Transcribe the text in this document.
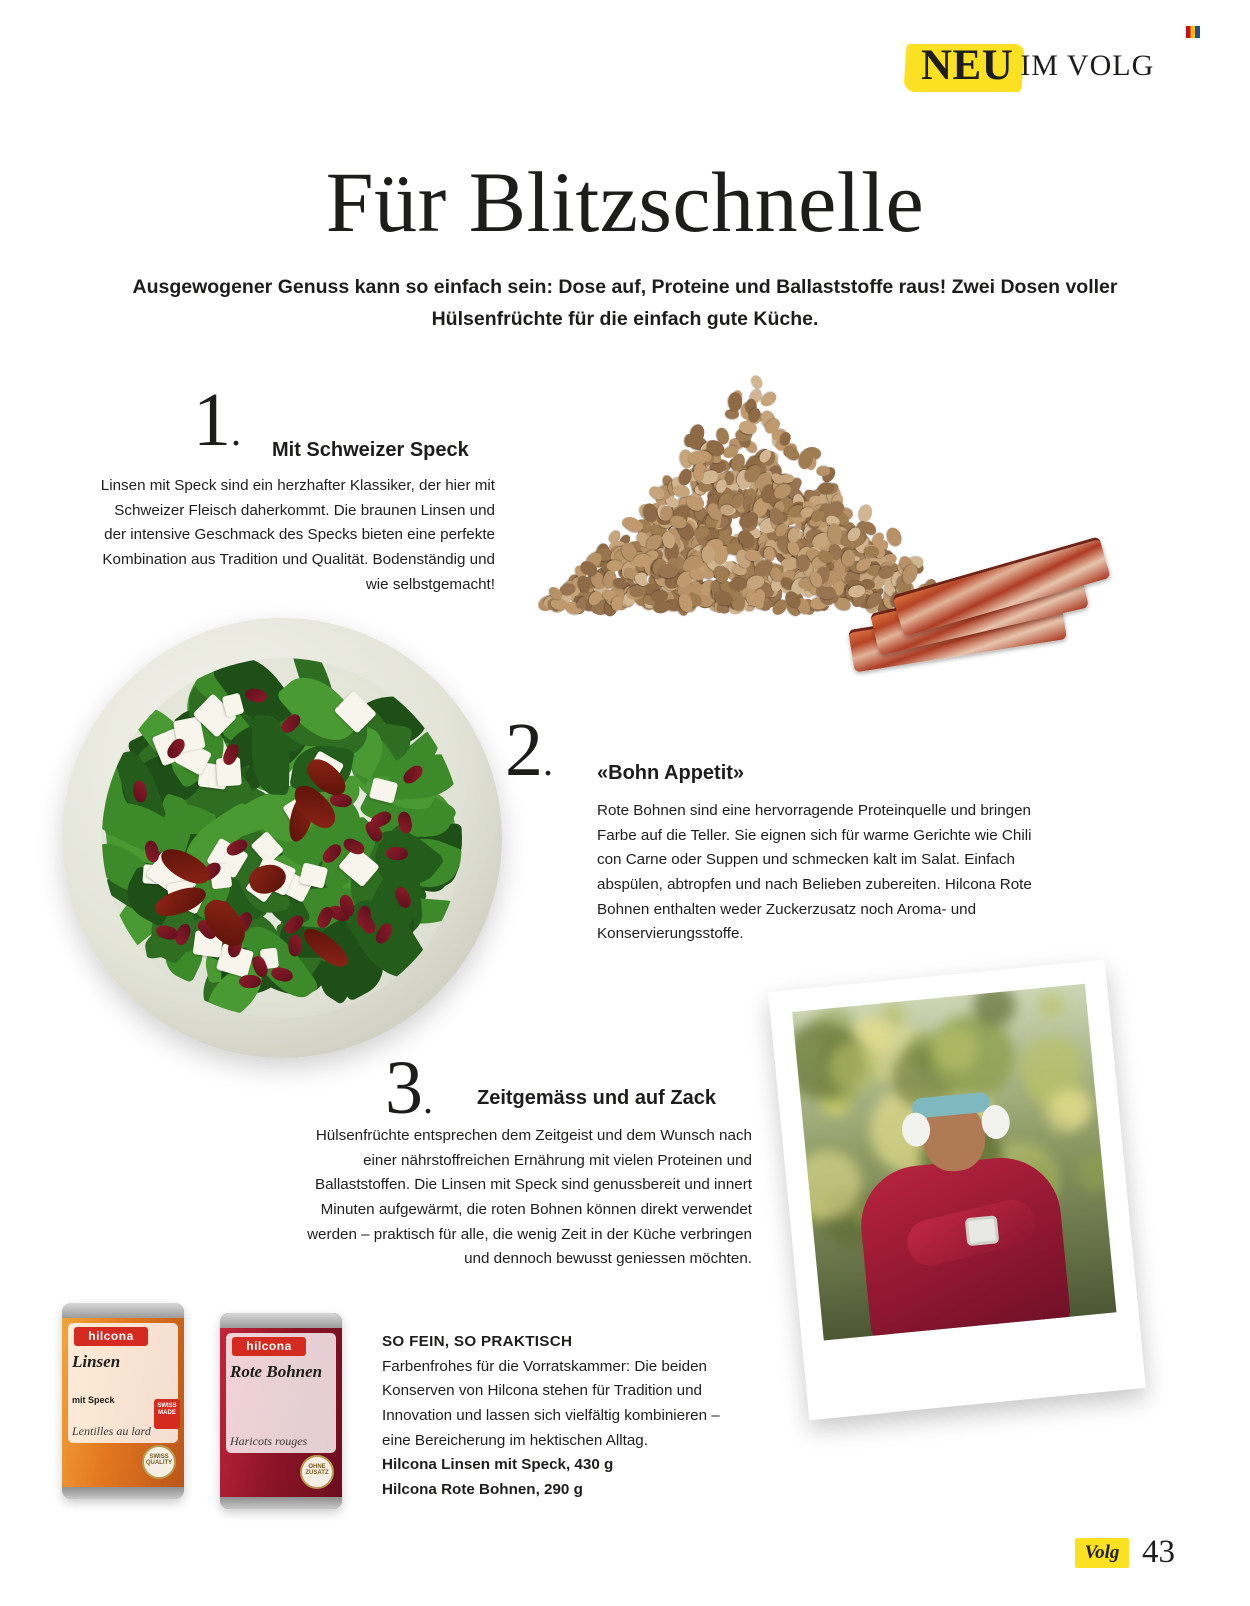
NEU IM VOLG
Für Blitzschnelle
Ausgewogener Genuss kann so einfach sein: Dose auf, Proteine und Ballaststoffe raus! Zwei Dosen voller Hülsenfrüchte für die einfach gute Küche.
1. Mit Schweizer Speck
Linsen mit Speck sind ein herzhafter Klassiker, der hier mit Schweizer Fleisch daherkommt. Die braunen Linsen und der intensive Geschmack des Specks bieten eine perfekte Kombination aus Tradition und Qualität. Bodenständig und wie selbstgemacht!
2. «Bohn Appetit»
Rote Bohnen sind eine hervorragende Proteinquelle und bringen Farbe auf die Teller. Sie eignen sich für warme Gerichte wie Chili con Carne oder Suppen und schmecken kalt im Salat. Einfach abspülen, abtropfen und nach Belieben zubereiten. Hilcona Rote Bohnen enthalten weder Zuckerzusatz noch Aroma- und Konservierungsstoffe.
3. Zeitgemäss und auf Zack
Hülsenfrüchte entsprechen dem Zeitgeist und dem Wunsch nach einer nährstoffreichen Ernährung mit vielen Proteinen und Ballaststoffen. Die Linsen mit Speck sind genussbereit und innert Minuten aufgewärmt, die roten Bohnen können direkt verwendet werden – praktisch für alle, die wenig Zeit in der Küche verbringen und dennoch bewusst geniessen möchten.
hilcona
Linsen
mit Speck
Lentilles au lard
SWISS MADE
SWISS QUALITY
hilcona
Rote Bohnen
Haricots rouges
OHNE ZUSATZ
SO FEIN, SO PRAKTISCH
Farbenfrohes für die Vorratskammer: Die beiden Konserven von Hilcona stehen für Tradition und Innovation und lassen sich vielfältig kombinieren – eine Bereicherung im hektischen Alltag.
Hilcona Linsen mit Speck, 430 g
Hilcona Rote Bohnen, 290 g
Volg 43
